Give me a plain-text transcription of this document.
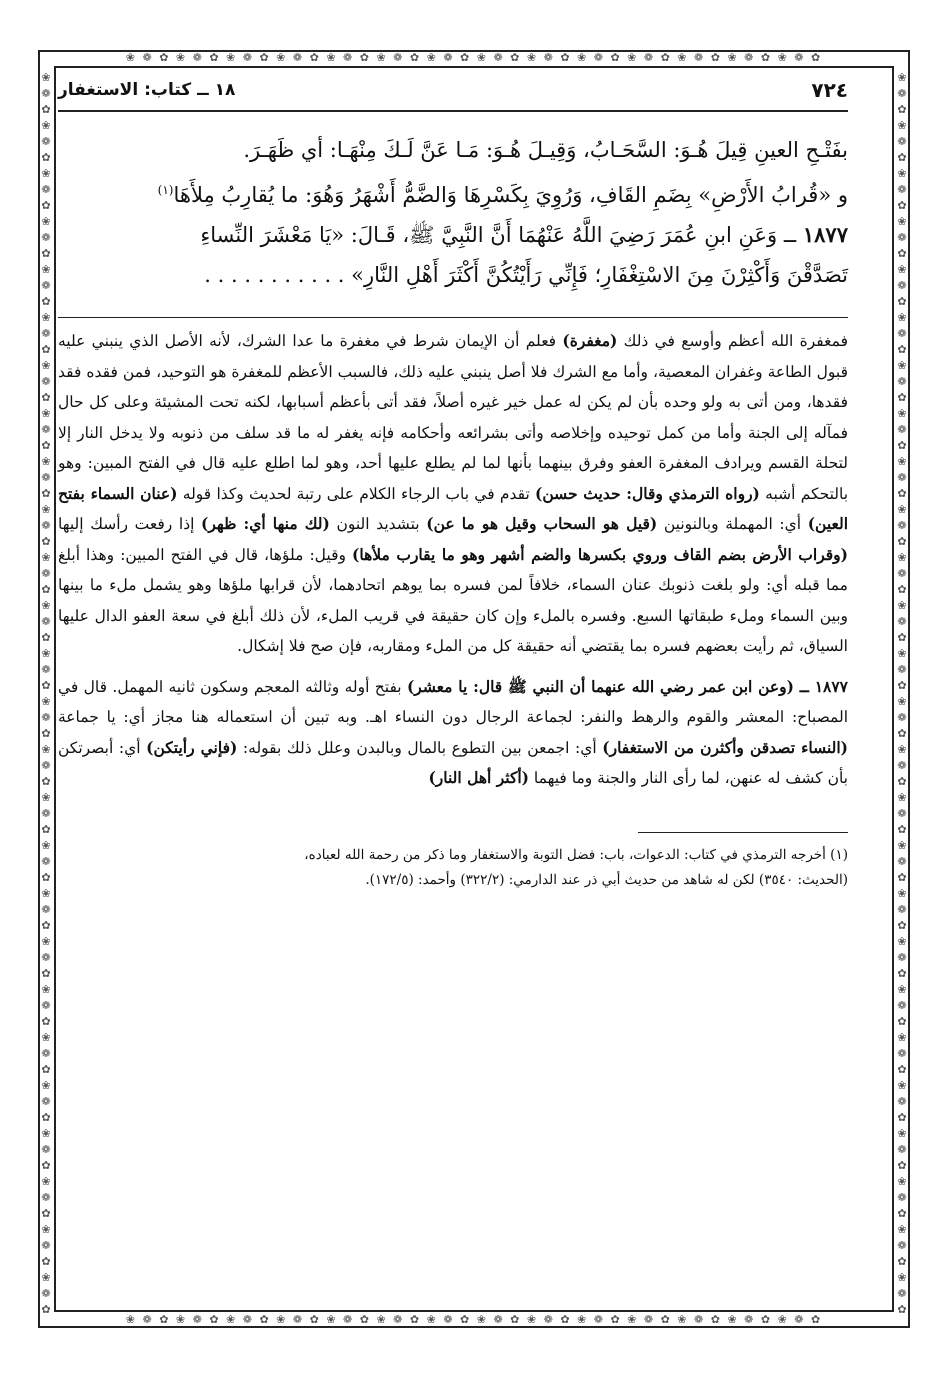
❀ ❁ ✿ ❀ ❁ ✿ ❀ ❁ ✿ ❀ ❁ ✿ ❀ ❁ ✿ ❀ ❁ ✿ ❀ ❁ ✿ ❀ ❁ ✿ ❀ ❁ ✿ ❀ ❁ ✿ ❀ ❁ ✿ ❀ ❁ ✿ ❀ ❁ ✿ ❀ ❁ ✿
❀ ❁ ✿ ❀ ❁ ✿ ❀ ❁ ✿ ❀ ❁ ✿ ❀ ❁ ✿ ❀ ❁ ✿ ❀ ❁ ✿ ❀ ❁ ✿ ❀ ❁ ✿ ❀ ❁ ✿ ❀ ❁ ✿ ❀ ❁ ✿ ❀ ❁ ✿ ❀ ❁ ✿
❀❁✿❀❁✿❀❁✿❀❁✿❀❁✿❀❁✿❀❁✿❀❁✿❀❁✿❀❁✿❀❁✿❀❁✿❀❁✿❀❁✿❀❁✿❀❁✿❀❁✿❀❁✿❀❁✿❀❁✿❀❁✿❀❁✿❀❁✿❀❁✿❀❁✿❀❁✿
❀❁✿❀❁✿❀❁✿❀❁✿❀❁✿❀❁✿❀❁✿❀❁✿❀❁✿❀❁✿❀❁✿❀❁✿❀❁✿❀❁✿❀❁✿❀❁✿❀❁✿❀❁✿❀❁✿❀❁✿❀❁✿❀❁✿❀❁✿❀❁✿❀❁✿❀❁✿
٧٢٤
١٨ ــ كتاب: الاستغفار
بفَتْـحِ العينِ قِيلَ هُـوَ: السَّحَـابُ، وَقِيـلَ هُـوَ: مَـا عَنَّ لَـكَ مِنْهَـا: أي ظَهَـرَ.
و «قُرابُ الأَرْضِ» بِضَمِ القَافِ، وَرُوِيَ بِكَسْرِهَا وَالضَّمُّ أَشْهَرُ وَهُوَ: ما يُقارِبُ مِلأَهَا$^{(١)}$
١٨٧٧ ــ وَعَنِ ابنِ عُمَرَ رَضِيَ اللَّهُ عَنْهُمَا أَنَّ النَّبِيَّ ﷺ، قَـالَ: «يَا مَعْشَرَ النِّساءِ
تَصَدَّقْنَ وَأَكْثِرْنَ مِنَ الاسْتِغْفَارِ؛ فَإِنِّي رَأَيْتُكُنَّ أَكْثَرَ أَهْلِ النَّارِ» . . . . . . . . . . .

فمغفرة الله أعظم وأوسع في ذلك (مغفرة) فعلم أن الإيمان شرط في مغفرة ما عدا الشرك، لأنه الأصل الذي ينبني عليه قبول الطاعة وغفران المعصية، وأما مع الشرك فلا أصل ينبني عليه ذلك، فالسبب الأعظم للمغفرة هو التوحيد، فمن فقده فقد فقدها، ومن أتى به ولو وحده بأن لم يكن له عمل خير غيره أصلاً، فقد أتى بأعظم أسبابها، لكنه تحت المشيئة وعلى كل حال فمآله إلى الجنة وأما من كمل توحيده وإخلاصه وأتى بشرائعه وأحكامه فإنه يغفر له ما قد سلف من ذنوبه ولا يدخل النار إلا لتحلة القسم ويرادف المغفرة العفو وفرق بينهما بأنها لما لم يطلع عليها أحد، وهو لما اطلع عليه قال في الفتح المبين: وهو بالتحكم أشبه (رواه الترمذي وقال: حديث حسن) تقدم في باب الرجاء الكلام على رتبة لحديث وكذا قوله (عنان السماء بفتح العين) أي: المهملة وبالنونين (قيل هو السحاب وقيل هو ما عن) بتشديد النون (لك منها أي: ظهر) إذا رفعت رأسك إليها (وقراب الأرض بضم القاف وروي بكسرها والضم أشهر وهو ما يقارب ملأها) وقيل: ملؤها، قال في الفتح المبين: وهذا أبلغ مما قبله أي: ولو بلغت ذنوبك عنان السماء، خلافاً لمن فسره بما يوهم اتحادهما، لأن قرابها ملؤها وهو يشمل ملء ما بينها وبين السماء وملء طبقاتها السبع. وفسره بالملء وإن كان حقيقة في قريب الملء، لأن ذلك أبلغ في سعة العفو الدال عليها السياق، ثم رأيت بعضهم فسره بما يقتضي أنه حقيقة كل من الملء ومقاربه، فإن صح فلا إشكال.

١٨٧٧ ــ (وعن ابن عمر رضي الله عنهما أن النبي ﷺ قال: يا معشر) بفتح أوله وثالثه المعجم وسكون ثانيه المهمل. قال في المصباح: المعشر والقوم والرهط والنفر: لجماعة الرجال دون النساء اهـ. وبه تبين أن استعماله هنا مجاز أي: يا جماعة (النساء تصدقن وأكثرن من الاستغفار) أي: اجمعن بين التطوع بالمال وبالبدن وعلل ذلك بقوله: (فإني رأيتكن) أي: أبصرتكن بأن كشف له عنهن، لما رأى النار والجنة وما فيهما (أكثر أهل النار)

(١) أخرجه الترمذي في كتاب: الدعوات، باب: فضل التوبة والاستغفار وما ذكر من رحمة الله لعباده،
(الحديث: ٣٥٤٠) لكن له شاهد من حديث أبي ذر عند الدارمي: (٣٢٢/٢) وأحمد: (١٧٢/٥).
